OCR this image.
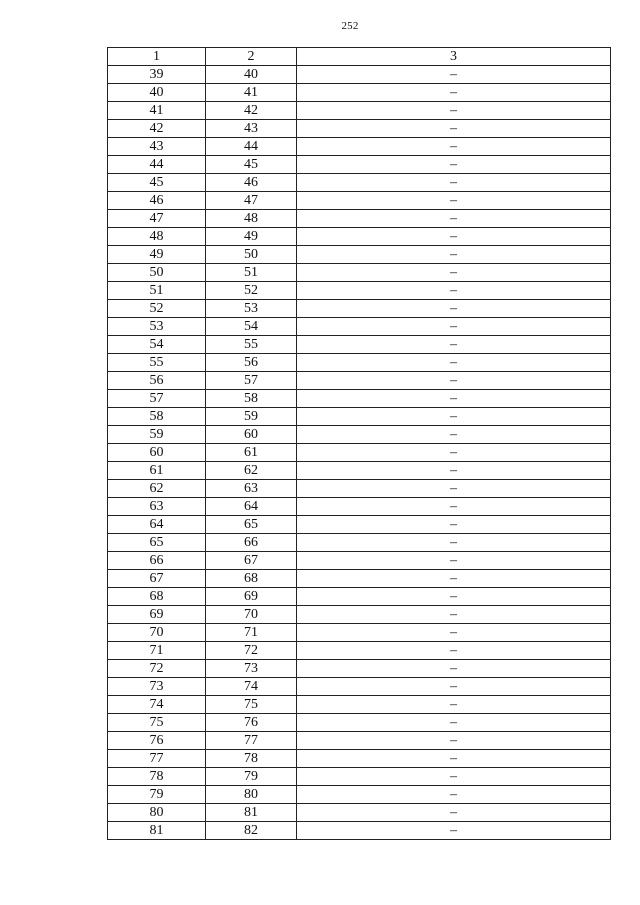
252
1	2	3
39	40	–
40	41	–
41	42	–
42	43	–
43	44	–
44	45	–
45	46	–
46	47	–
47	48	–
48	49	–
49	50	–
50	51	–
51	52	–
52	53	–
53	54	–
54	55	–
55	56	–
56	57	–
57	58	–
58	59	–
59	60	–
60	61	–
61	62	–
62	63	–
63	64	–
64	65	–
65	66	–
66	67	–
67	68	–
68	69	–
69	70	–
70	71	–
71	72	–
72	73	–
73	74	–
74	75	–
75	76	–
76	77	–
77	78	–
78	79	–
79	80	–
80	81	–
81	82	–
